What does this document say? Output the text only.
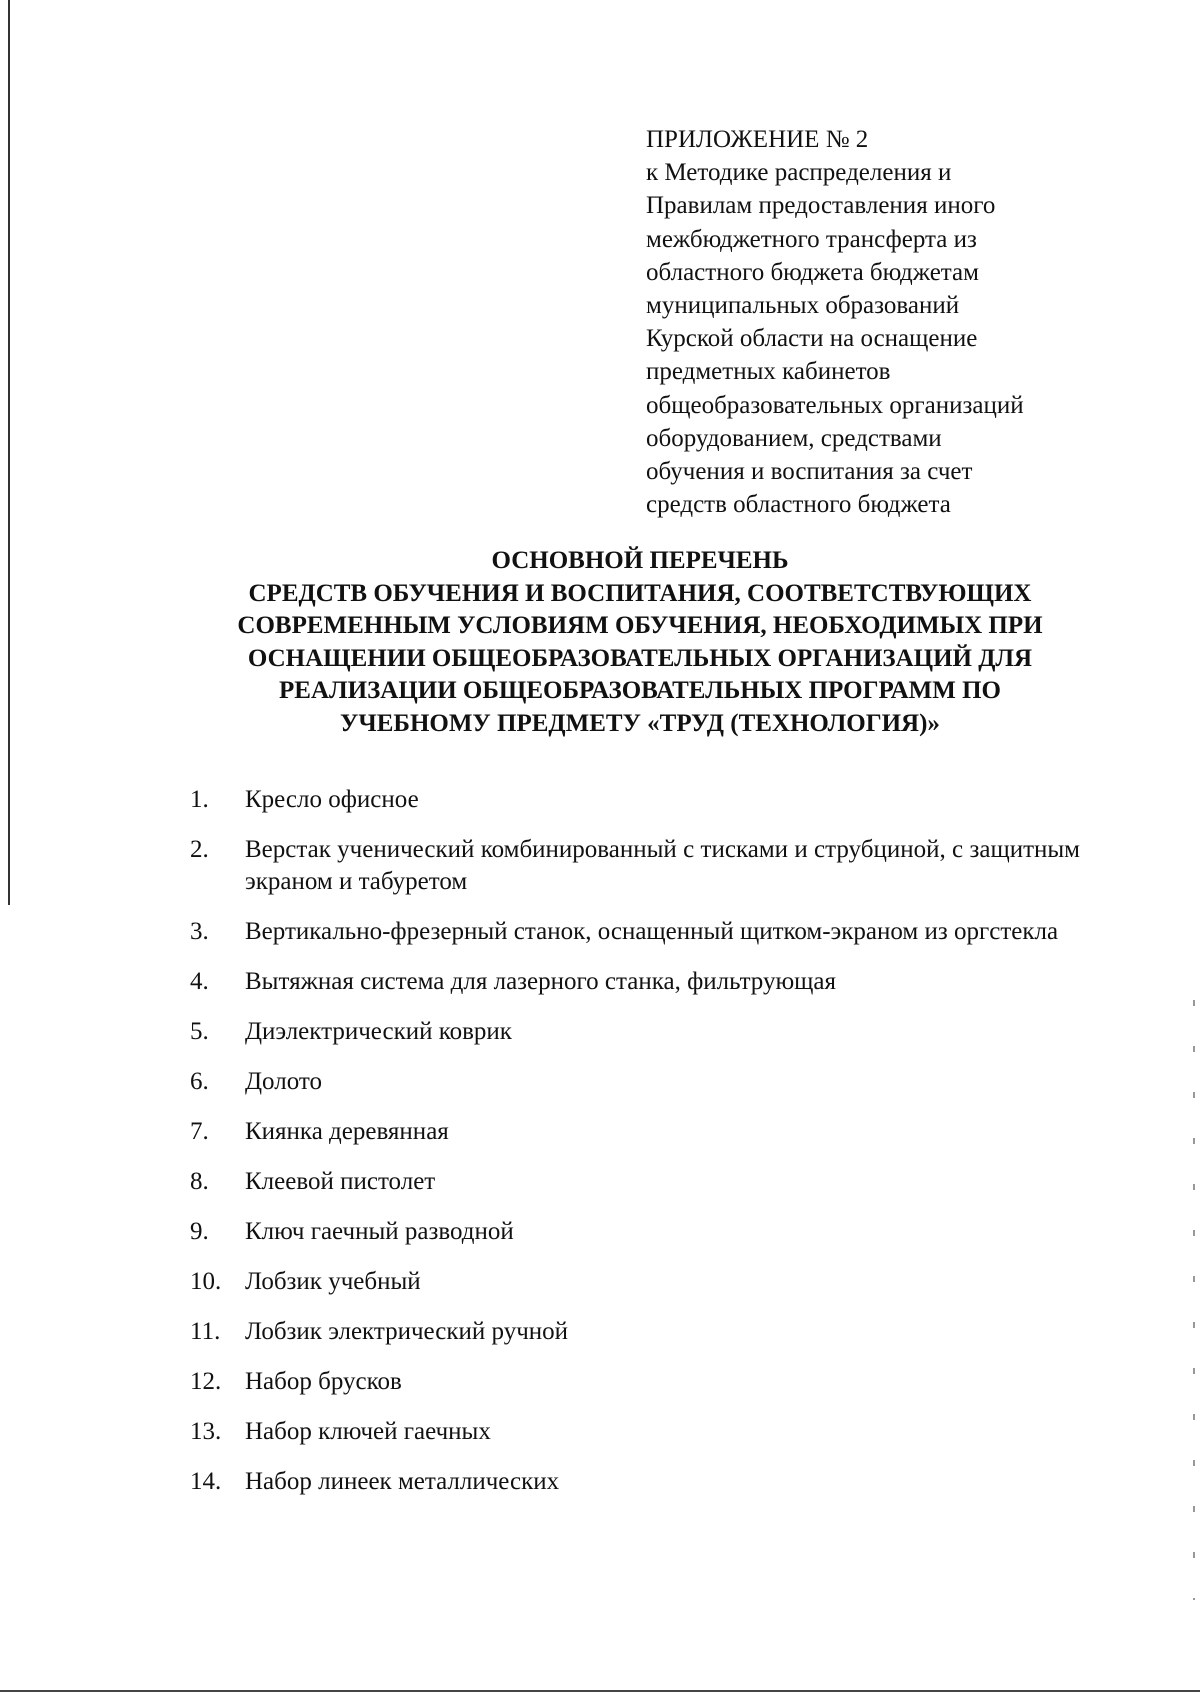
ПРИЛОЖЕНИЕ № 2
к Методике распределения и
Правилам предоставления иного
межбюджетного трансферта из
областного бюджета бюджетам
муниципальных образований
Курской области на оснащение
предметных кабинетов
общеобразовательных организаций
оборудованием, средствами
обучения и воспитания за счет
средств областного бюджета
ОСНОВНОЙ ПЕРЕЧЕНЬ
СРЕДСТВ ОБУЧЕНИЯ И ВОСПИТАНИЯ, СООТВЕТСТВУЮЩИХ
СОВРЕМЕННЫМ УСЛОВИЯМ ОБУЧЕНИЯ, НЕОБХОДИМЫХ ПРИ
ОСНАЩЕНИИ ОБЩЕОБРАЗОВАТЕЛЬНЫХ ОРГАНИЗАЦИЙ ДЛЯ
РЕАЛИЗАЦИИ ОБЩЕОБРАЗОВАТЕЛЬНЫХ ПРОГРАММ ПО
УЧЕБНОМУ ПРЕДМЕТУ «ТРУД (ТЕХНОЛОГИЯ)»
1.	Кресло офисное
2.	Верстак ученический комбинированный с тисками и струбциной, с защитным экраном и табуретом
3.	Вертикально-фрезерный станок, оснащенный щитком-экраном из оргстекла
4.	Вытяжная система для лазерного станка, фильтрующая
5.	Диэлектрический коврик
6.	Долото
7.	Киянка деревянная
8.	Клеевой пистолет
9.	Ключ гаечный разводной
10. Лобзик учебный
11. Лобзик электрический ручной
12. Набор брусков
13. Набор ключей гаечных
14. Набор линеек металлических
